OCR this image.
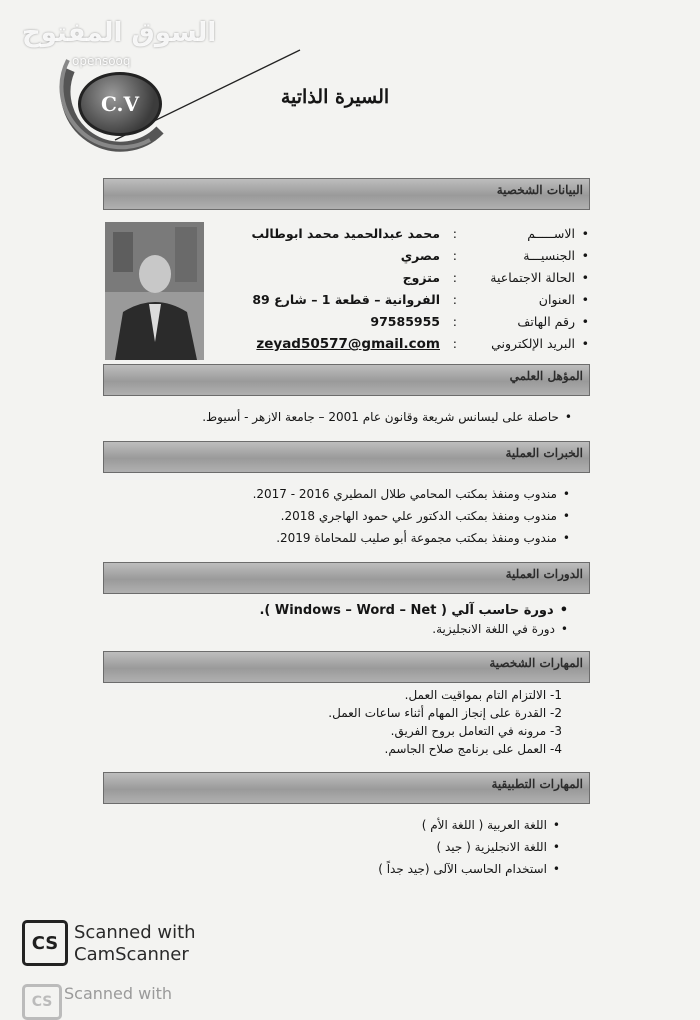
السوق المفتوح
opensooq
C.V	السيرة الذاتية
البيانات الشخصية
•
الاســـــم
:
محمد عبدالحميد محمد ابوطالب
•
الجنسيـــة
:
مصري
•
الحالة الاجتماعية
:
متزوج
•
العنوان
:
الفروانية – قطعة 1 – شارع 89
•
رقم الهاتف
:
97585955
•
البريد الإلكتروني
:
zeyad50577@gmail.com
المؤهل العلمي
•حاصلة على ليسانس شريعة وقانون عام 2001 – جامعة الازهر - أسيوط.
الخبرات العملية
•مندوب ومنفذ بمكتب المحامي طلال المطيري 2016 - 2017.
•مندوب ومنفذ بمكتب الدكتور علي حمود الهاجري 2018.
•مندوب ومنفذ بمكتب مجموعة أبو صليب للمحاماة 2019.
الدورات العملية
•دورة حاسب آلي ( Windows – Word – Net ).
•دورة في اللغة الانجليزية.
المهارات الشخصية
1- الالتزام التام بمواقيت العمل.
2- القدرة على إنجاز المهام أثناء ساعات العمل.
3- مرونه في التعامل بروح الفريق.
4- العمل على برنامج صلاح الجاسم.
المهارات التطبيقية
•اللغة العربية ( اللغة الأم )
•اللغة الانجليزية ( جيد )
•استخدام الحاسب الآلى (جيد جداً )
CS Scanned with
CamScanner
CS Scanned with
